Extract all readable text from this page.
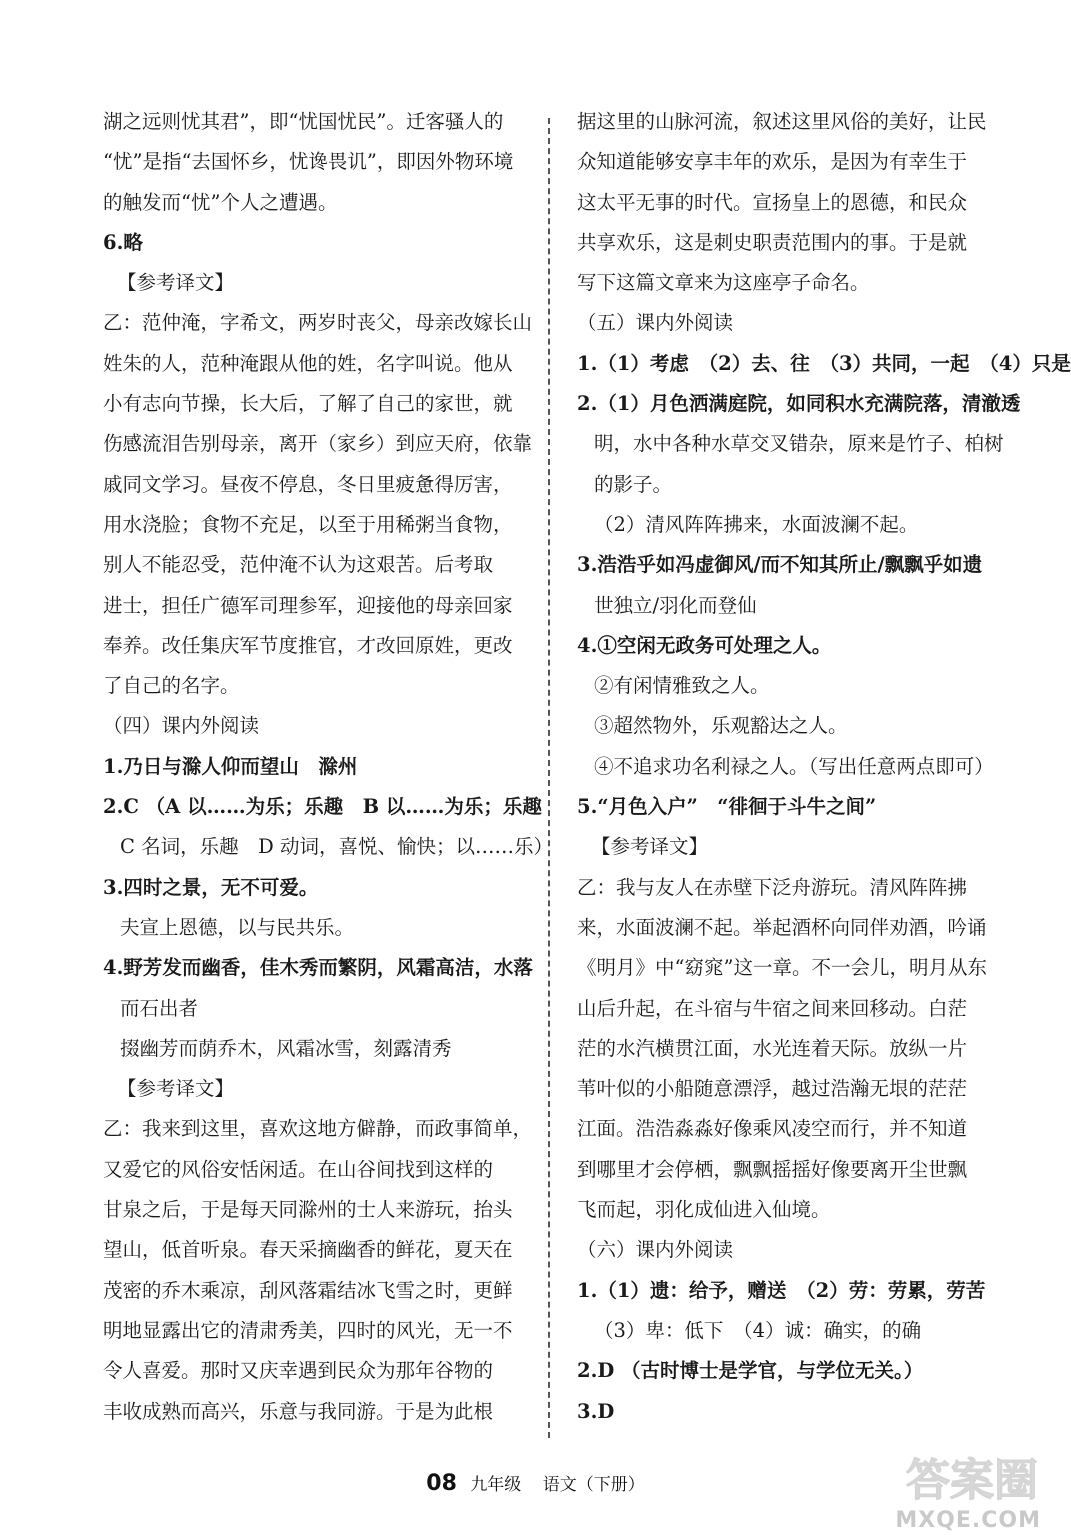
湖之远则忧其君”，即“忧国忧民”。迁客骚人的
“忧”是指“去国怀乡，忧谗畏讥”，即因外物环境
的触发而“忧”个人之遭遇。
6.略
【参考译文】
乙：范仲淹，字希文，两岁时丧父，母亲改嫁长山
姓朱的人，范种淹跟从他的姓，名字叫说。他从
小有志向节操，长大后，了解了自己的家世，就
伤感流泪告别母亲，离开（家乡）到应天府，依靠
戚同文学习。昼夜不停息，冬日里疲惫得厉害，
用水浇脸；食物不充足，以至于用稀粥当食物，
别人不能忍受，范仲淹不认为这艰苦。后考取
进士，担任广德军司理参军，迎接他的母亲回家
奉养。改任集庆军节度推官，才改回原姓，更改
了自己的名字。
（四）课内外阅读
1.乃日与滁人仰而望山　滁州
2.C （A 以……为乐；乐趣　B 以……为乐；乐趣
C 名词，乐趣　D 动词，喜悦、愉快；以……乐）
3.四时之景，无不可爱。
夫宣上恩德，以与民共乐。
4.野芳发而幽香，佳木秀而繁阴，风霜高洁，水落
而石出者
掇幽芳而荫乔木，风霜冰雪，刻露清秀
【参考译文】
乙：我来到这里，喜欢这地方僻静，而政事简单，
又爱它的风俗安恬闲适。在山谷间找到这样的
甘泉之后，于是每天同滁州的士人来游玩，抬头
望山，低首听泉。春天采摘幽香的鲜花，夏天在
茂密的乔木乘凉，刮风落霜结冰飞雪之时，更鲜
明地显露出它的清肃秀美，四时的风光，无一不
令人喜爱。那时又庆幸遇到民众为那年谷物的
丰收成熟而高兴，乐意与我同游。于是为此根
据这里的山脉河流，叙述这里风俗的美好，让民
众知道能够安享丰年的欢乐，是因为有幸生于
这太平无事的时代。宣扬皇上的恩德，和民众
共享欢乐，这是刺史职责范围内的事。于是就
写下这篇文章来为这座亭子命名。
（五）课内外阅读
1.（1）考虑　（2）去、往　（3）共同，一起　（4）只是
2.（1）月色洒满庭院，如同积水充满院落，清澈透
明，水中各种水草交叉错杂，原来是竹子、柏树
的影子。
（2）清风阵阵拂来，水面波澜不起。
3.浩浩乎如冯虚御风/而不知其所止/飘飘乎如遗
世独立/羽化而登仙
4.①空闲无政务可处理之人。
②有闲情雅致之人。
③超然物外，乐观豁达之人。
④不追求功名利禄之人。（写出任意两点即可）
5.“月色入户”　“徘徊于斗牛之间”
【参考译文】
乙：我与友人在赤壁下泛舟游玩。清风阵阵拂
来，水面波澜不起。举起酒杯向同伴劝酒，吟诵
《明月》中“窈窕”这一章。不一会儿，明月从东
山后升起，在斗宿与牛宿之间来回移动。白茫
茫的水汽横贯江面，水光连着天际。放纵一片
苇叶似的小船随意漂浮，越过浩瀚无垠的茫茫
江面。浩浩淼淼好像乘风凌空而行，并不知道
到哪里才会停栖，飘飘摇摇好像要离开尘世飘
飞而起，羽化成仙进入仙境。
（六）课内外阅读
1.（1）遗：给予，赠送　（2）劳：劳累，劳苦
（3）卑：低下　（4）诚：确实，的确
2.D （古时博士是学官，与学位无关。）
3.D
08 九年级 语文（下册）	答案圈
MXQE.COM
